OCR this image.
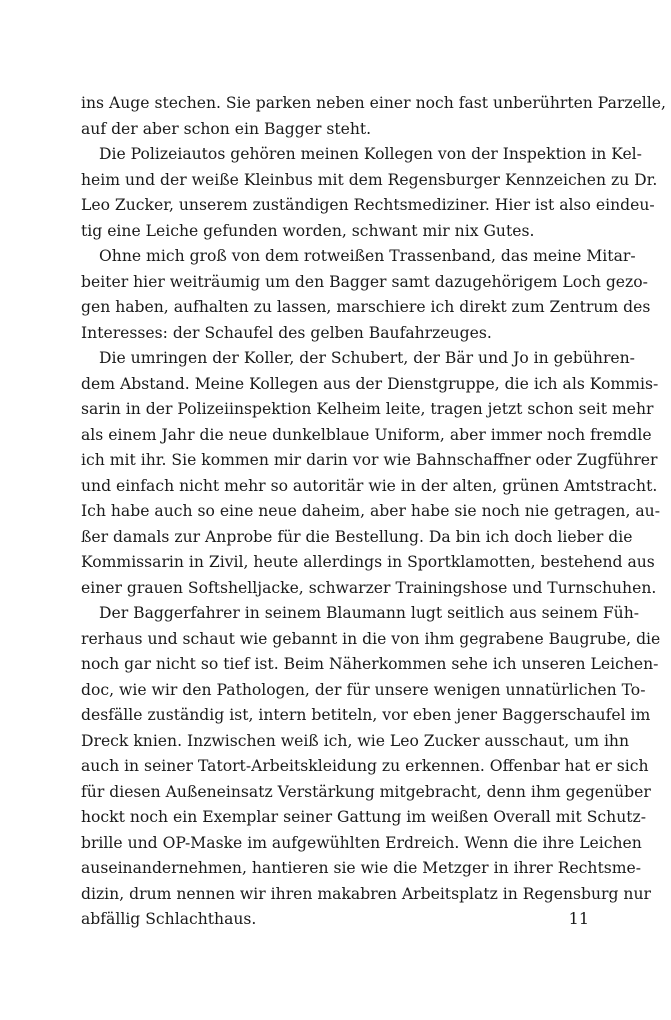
ins Auge stechen. Sie parken neben einer noch fast unberührten Parzelle,
auf der aber schon ein Bagger steht.
Die Polizeiautos gehören meinen Kollegen von der Inspektion in Kel-
heim und der weiße Kleinbus mit dem Regensburger Kennzeichen zu Dr.
Leo Zucker, unserem zuständigen Rechtsmediziner. Hier ist also eindeu-
tig eine Leiche gefunden worden, schwant mir nix Gutes.
Ohne mich groß von dem rotweißen Trassenband, das meine Mitar-
beiter hier weiträumig um den Bagger samt dazugehörigem Loch gezo-
gen haben, aufhalten zu lassen, marschiere ich direkt zum Zentrum des
Interesses: der Schaufel des gelben Baufahrzeuges.
Die umringen der Koller, der Schubert, der Bär und Jo in gebühren-
dem Abstand. Meine Kollegen aus der Dienstgruppe, die ich als Kommis-
sarin in der Polizeiinspektion Kelheim leite, tragen jetzt schon seit mehr
als einem Jahr die neue dunkelblaue Uniform, aber immer noch fremdle
ich mit ihr. Sie kommen mir darin vor wie Bahnschaffner oder Zugführer
und einfach nicht mehr so autoritär wie in der alten, grünen Amtstracht.
Ich habe auch so eine neue daheim, aber habe sie noch nie getragen, au-
ßer damals zur Anprobe für die Bestellung. Da bin ich doch lieber die
Kommissarin in Zivil, heute allerdings in Sportklamotten, bestehend aus
einer grauen Softshelljacke, schwarzer Trainingshose und Turnschuhen.
Der Baggerfahrer in seinem Blaumann lugt seitlich aus seinem Füh-
rerhaus und schaut wie gebannt in die von ihm gegrabene Baugrube, die
noch gar nicht so tief ist. Beim Näherkommen sehe ich unseren Leichen-
doc, wie wir den Pathologen, der für unsere wenigen unnatürlichen To-
desfälle zuständig ist, intern betiteln, vor eben jener Baggerschaufel im
Dreck knien. Inzwischen weiß ich, wie Leo Zucker ausschaut, um ihn
auch in seiner Tatort-Arbeitskleidung zu erkennen. Offenbar hat er sich
für diesen Außeneinsatz Verstärkung mitgebracht, denn ihm gegenüber
hockt noch ein Exemplar seiner Gattung im weißen Overall mit Schutz-
brille und OP-Maske im aufgewühlten Erdreich. Wenn die ihre Leichen
auseinandernehmen, hantieren sie wie die Metzger in ihrer Rechtsme-
dizin, drum nennen wir ihren makabren Arbeitsplatz in Regensburg nur
abfällig Schlachthaus.	11
